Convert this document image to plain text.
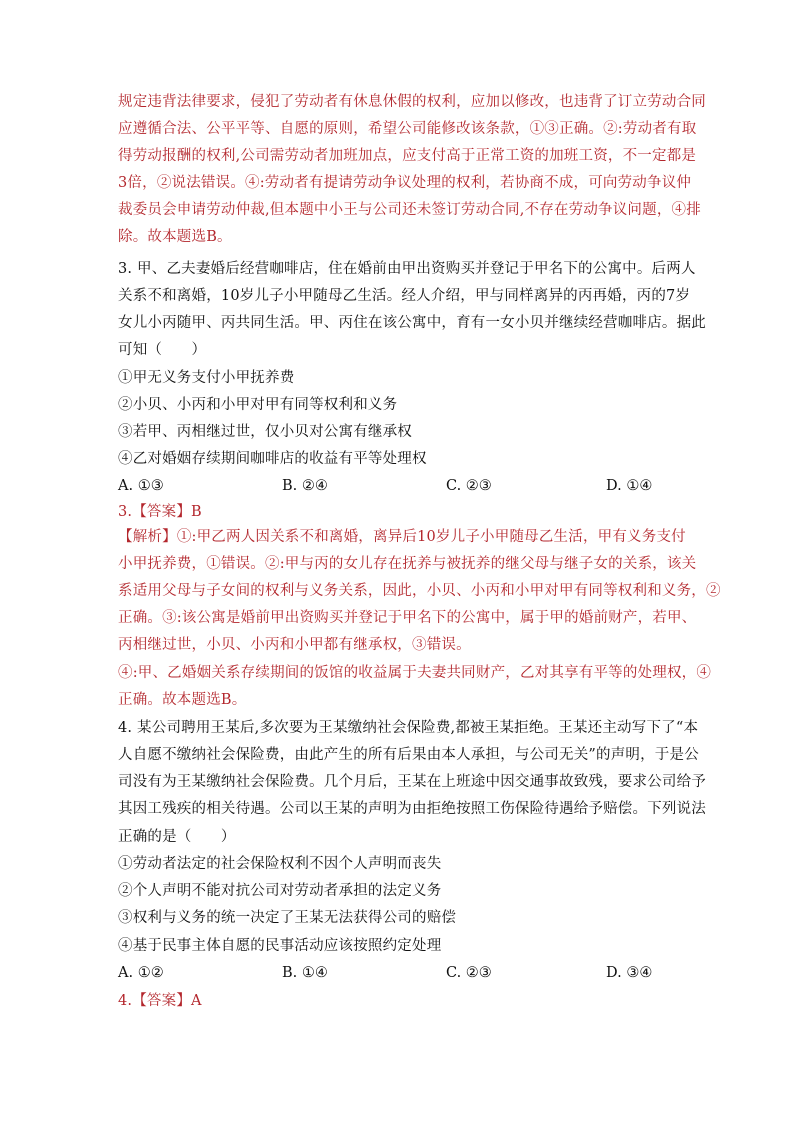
规定违背法律要求，侵犯了劳动者有休息休假的权利，应加以修改，也违背了订立劳动合同
应遵循合法、公平平等、自愿的原则，希望公司能修改该条款，①③正确。②:劳动者有取
得劳动报酬的权利,公司需劳动者加班加点，应支付高于正常工资的加班工资，不一定都是
3倍，②说法错误。④:劳动者有提请劳动争议处理的权利，若协商不成，可向劳动争议仲
裁委员会申请劳动仲裁,但本题中小王与公司还未签订劳动合同,不存在劳动争议问题，④排
除。故本题选B。
3. 甲、乙夫妻婚后经营咖啡店，住在婚前由甲出资购买并登记于甲名下的公寓中。后两人
关系不和离婚，10岁儿子小甲随母乙生活。经人介绍，甲与同样离异的丙再婚，丙的7岁
女儿小丙随甲、丙共同生活。甲、丙住在该公寓中，育有一女小贝并继续经营咖啡店。据此
可知（　　）
①甲无义务支付小甲抚养费
②小贝、小丙和小甲对甲有同等权利和义务
③若甲、丙相继过世，仅小贝对公寓有继承权
④乙对婚姻存续期间咖啡店的收益有平等处理权
A. ①③	B. ②④	C. ②③	D. ①④
3.【答案】B
【解析】①:甲乙两人因关系不和离婚，离异后10岁儿子小甲随母乙生活，甲有义务支付
小甲抚养费，①错误。②:甲与丙的女儿存在抚养与被抚养的继父母与继子女的关系，该关
系适用父母与子女间的权利与义务关系，因此，小贝、小丙和小甲对甲有同等权利和义务，②
正确。③:该公寓是婚前甲出资购买并登记于甲名下的公寓中，属于甲的婚前财产，若甲、
丙相继过世，小贝、小丙和小甲都有继承权，③错误。
④:甲、乙婚姻关系存续期间的饭馆的收益属于夫妻共同财产，乙对其享有平等的处理权，④
正确。故本题选B。
4. 某公司聘用王某后,多次要为王某缴纳社会保险费,都被王某拒绝。王某还主动写下了“本
人自愿不缴纳社会保险费，由此产生的所有后果由本人承担，与公司无关”的声明，于是公
司没有为王某缴纳社会保险费。几个月后，王某在上班途中因交通事故致残，要求公司给予
其因工残疾的相关待遇。公司以王某的声明为由拒绝按照工伤保险待遇给予赔偿。下列说法
正确的是（　　）
①劳动者法定的社会保险权利不因个人声明而丧失
②个人声明不能对抗公司对劳动者承担的法定义务
③权利与义务的统一决定了王某无法获得公司的赔偿
④基于民事主体自愿的民事活动应该按照约定处理
A. ①②	B. ①④	C. ②③	D. ③④
4.【答案】A
